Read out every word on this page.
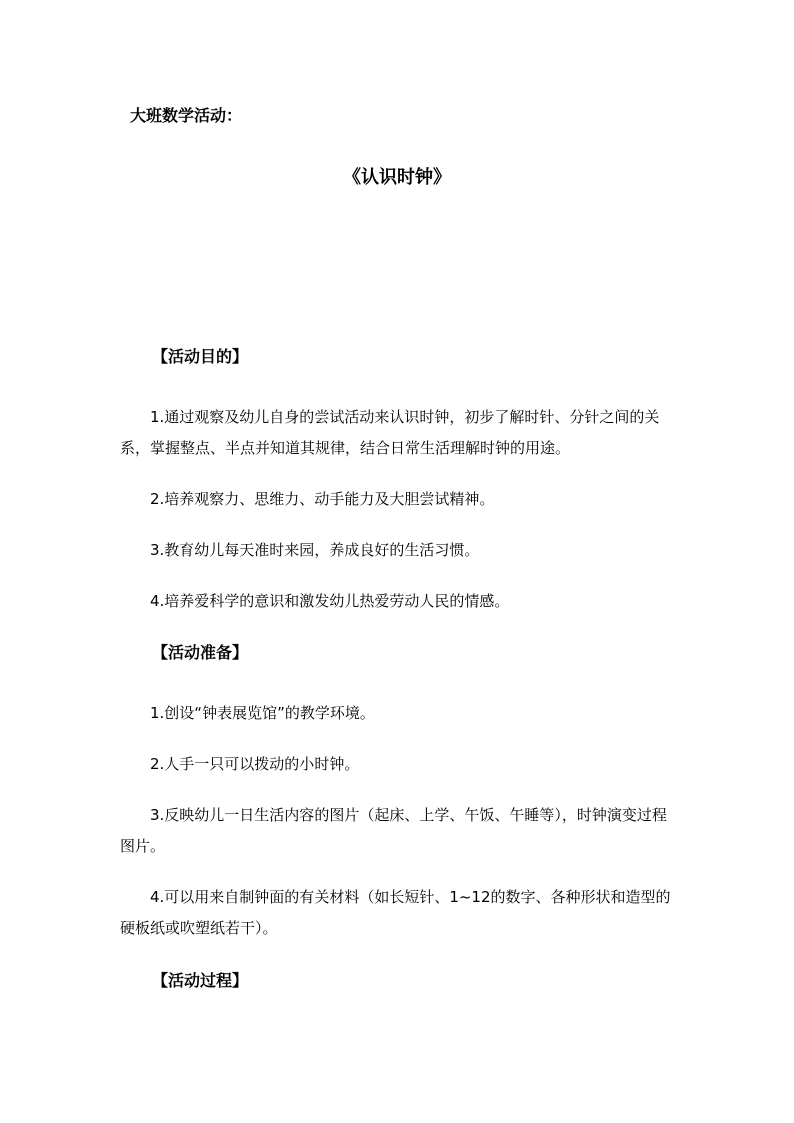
大班数学活动：

《认识时钟》

【活动目的】

1.通过观察及幼儿自身的尝试活动来认识时钟，初步了解时针、分针之间的关系，掌握整点、半点并知道其规律，结合日常生活理解时钟的用途。

2.培养观察力、思维力、动手能力及大胆尝试精神。

3.教育幼儿每天准时来园，养成良好的生活习惯。

4.培养爱科学的意识和激发幼儿热爱劳动人民的情感。

【活动准备】

1.创设“钟表展览馆”的教学环境。

2.人手一只可以拨动的小时钟。

3.反映幼儿一日生活内容的图片（起床、上学、午饭、午睡等），时钟演变过程图片。

4.可以用来自制钟面的有关材料（如长短针、1~12的数字、各种形状和造型的硬板纸或吹塑纸若干）。

【活动过程】
